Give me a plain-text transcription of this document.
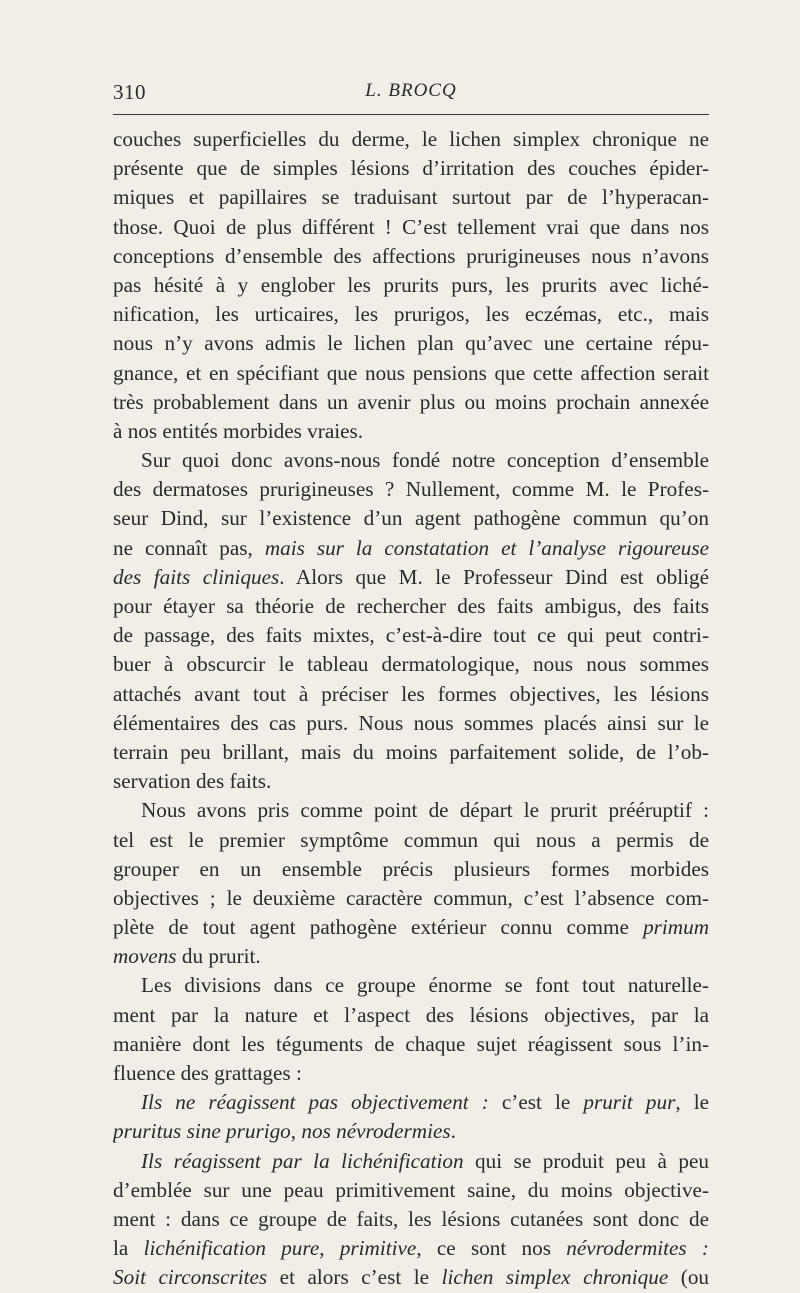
310	L. BROCQ
couches superficielles du derme, le lichen simplex chronique ne
présente que de simples lésions d’irritation des couches épider-
miques et papillaires se traduisant surtout par de l’hyperacan-
those. Quoi de plus différent ! C’est tellement vrai que dans nos
conceptions d’ensemble des affections prurigineuses nous n’avons
pas hésité à y englober les prurits purs, les prurits avec liché-
nification, les urticaires, les prurigos, les eczémas, etc., mais
nous n’y avons admis le lichen plan qu’avec une certaine répu-
gnance, et en spécifiant que nous pensions que cette affection serait
très probablement dans un avenir plus ou moins prochain annexée
à nos entités morbides vraies.
Sur quoi donc avons-nous fondé notre conception d’ensemble
des dermatoses prurigineuses ? Nullement, comme M. le Profes-
seur Dind, sur l’existence d’un agent pathogène commun qu’on
ne connaît pas, mais sur la constatation et l’analyse rigoureuse
des faits cliniques. Alors que M. le Professeur Dind est obligé
pour étayer sa théorie de rechercher des faits ambigus, des faits
de passage, des faits mixtes, c’est-à-dire tout ce qui peut contri-
buer à obscurcir le tableau dermatologique, nous nous sommes
attachés avant tout à préciser les formes objectives, les lésions
élémentaires des cas purs. Nous nous sommes placés ainsi sur le
terrain peu brillant, mais du moins parfaitement solide, de l’ob-
servation des faits.
Nous avons pris comme point de départ le prurit prééruptif :
tel est le premier symptôme commun qui nous a permis de
grouper en un ensemble précis plusieurs formes morbides
objectives ; le deuxième caractère commun, c’est l’absence com-
plète de tout agent pathogène extérieur connu comme primum
movens du prurit.
Les divisions dans ce groupe énorme se font tout naturelle-
ment par la nature et l’aspect des lésions objectives, par la
manière dont les téguments de chaque sujet réagissent sous l’in-
fluence des grattages :
Ils ne réagissent pas objectivement : c’est le prurit pur, le
pruritus sine prurigo, nos névrodermies.
Ils réagissent par la lichénification qui se produit peu à peu
d’emblée sur une peau primitivement saine, du moins objective-
ment : dans ce groupe de faits, les lésions cutanées sont donc de
la lichénification pure, primitive, ce sont nos névrodermites :
Soit circonscrites et alors c’est le lichen simplex chronique (ou
